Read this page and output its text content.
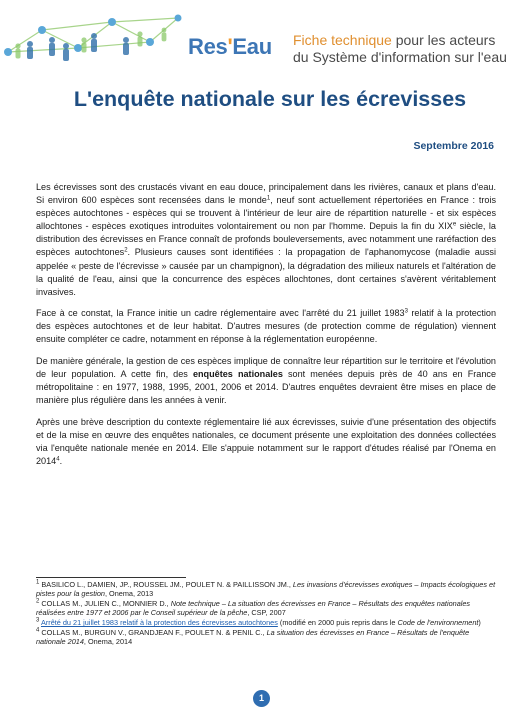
Res'Eau Fiche technique pour les acteurs
du Système d'information sur l'eau
L'enquête nationale sur les écrevisses
Septembre 2016

Les écrevisses sont des crustacés vivant en eau douce, principalement dans les rivières, canaux et plans d'eau. Si environ 600 espèces sont recensées dans le monde$^1$, neuf sont actuellement répertoriées en France : trois espèces autochtones - espèces qui se trouvent à l'intérieur de leur aire de répartition naturelle - et six espèces allochtones - espèces exotiques introduites volontairement ou non par l'homme. Depuis la fin du XIXe siècle, la distribution des écrevisses en France connaît de profonds bouleversements, avec notamment une raréfaction des espèces autochtones$^2$. Plusieurs causes sont identifiées : la propagation de l'aphanomycose (maladie aussi appelée « peste de l'écrevisse » causée par un champignon), la dégradation des milieux naturels et l'altération de la qualité de l'eau, ainsi que la concurrence des espèces allochtones, dont certaines s'avèrent véritablement invasives.

Face à ce constat, la France initie un cadre réglementaire avec l'arrêté du 21 juillet 1983$^3$ relatif à la protection des espèces autochtones et de leur habitat. D'autres mesures (de protection comme de régulation) viennent ensuite compléter ce cadre, notamment en réponse à la réglementation européenne.

De manière générale, la gestion de ces espèces implique de connaître leur répartition sur le territoire et l'évolution de leur population. A cette fin, des enquêtes nationales sont menées depuis près de 40 ans en France métropolitaine : en 1977, 1988, 1995, 2001, 2006 et 2014. D'autres enquêtes devraient être mises en place de manière plus régulière dans les années à venir.

Après une brève description du contexte réglementaire lié aux écrevisses, suivie d'une présentation des objectifs et de la mise en œuvre des enquêtes nationales, ce document présente une exploitation des données collectées via l'enquête nationale menée en 2014. Elle s'appuie notamment sur le rapport d'études réalisé par l'Onema en 2014$^4$.

$^1$ BASILICO L., DAMIEN, JP., ROUSSEL JM., POULET N. & PAILLISSON JM., Les invasions d'écrevisses exotiques – Impacts écologiques et pistes pour la gestion, Onema, 2013
$^2$ COLLAS M., JULIEN C., MONNIER D., Note technique – La situation des écrevisses en France – Résultats des enquêtes nationales réalisées entre 1977 et 2006 par le Conseil supérieur de la pêche, CSP, 2007
$^3$ Arrêté du 21 juillet 1983 relatif à la protection des écrevisses autochtones (modifié en 2000 puis repris dans le Code de l'environnement)
$^4$ COLLAS M., BURGUN V., GRANDJEAN F., POULET N. & PENIL C., La situation des écrevisses en France – Résultats de l'enquête nationale 2014, Onema, 2014
1
